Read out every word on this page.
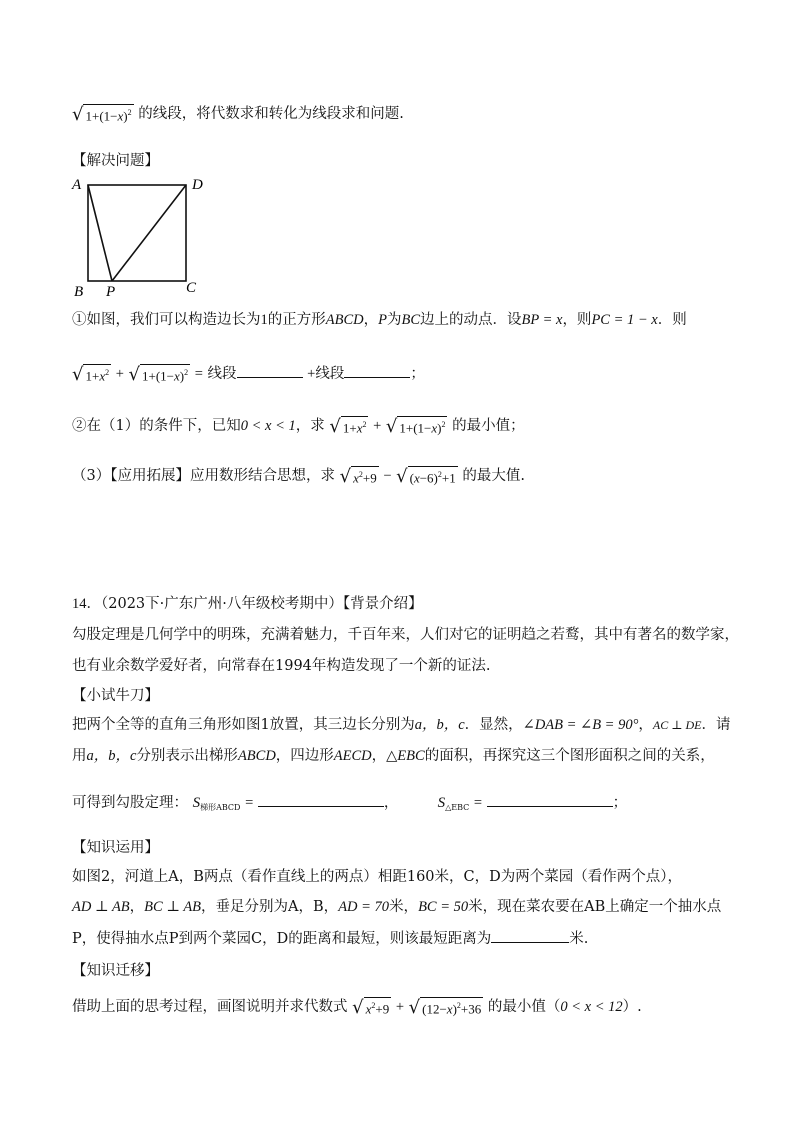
√ $1+(1-x)^2$ 的线段，将代数求和转化为线段求和问题.
【解决问题】
A	D
B P	C
①如图，我们可以构造边长为1的正方形ABCD，P为BC边上的动点．设BP = x，则PC = 1 − x．则
√ $1+x^2$ + √ $1+(1-x)^2$ = 线段	+线段	；
②在（1）的条件下，已知0 < x < 1，求 √ $1+x^2$ + √ $1+(1-x)^2$ 的最小值；
（3）【应用拓展】应用数形结合思想，求 √ $x^2+9$ − √ $(x-6)^2+1$ 的最大值.
14．（2023下·广东广州·八年级校考期中）【背景介绍】
勾股定理是几何学中的明珠，充满着魅力，千百年来，人们对它的证明趋之若鹜，其中有著名的数学家，
也有业余数学爱好者，向常春在1994年构造发现了一个新的证法.
【小试牛刀】
把两个全等的直角三角形如图1放置，其三边长分别为a，b，c．显然，∠DAB = ∠B = 90°，AC ⊥ DE．请
用a，b，c分别表示出梯形ABCD，四边形AECD，△EBC的面积，再探究这三个图形面积之间的关系，
可得到勾股定理： $S_{梯形ABCD}$ =	，	$S_{\triangle EBC}$ =	；
【知识运用】
如图2，河道上A，B两点（看作直线上的两点）相距160米，C，D为两个菜园（看作两个点），
AD ⊥ AB，BC ⊥ AB，垂足分别为A，B，AD = 70米，BC = 50米，现在菜农要在AB上确定一个抽水点
P，使得抽水点P到两个菜园C，D的距离和最短，则该最短距离为	米.
【知识迁移】
借助上面的思考过程，画图说明并求代数式 √ $x^2+9$ + √ $(12-x)^2+36$ 的最小值（0 < x < 12）.
